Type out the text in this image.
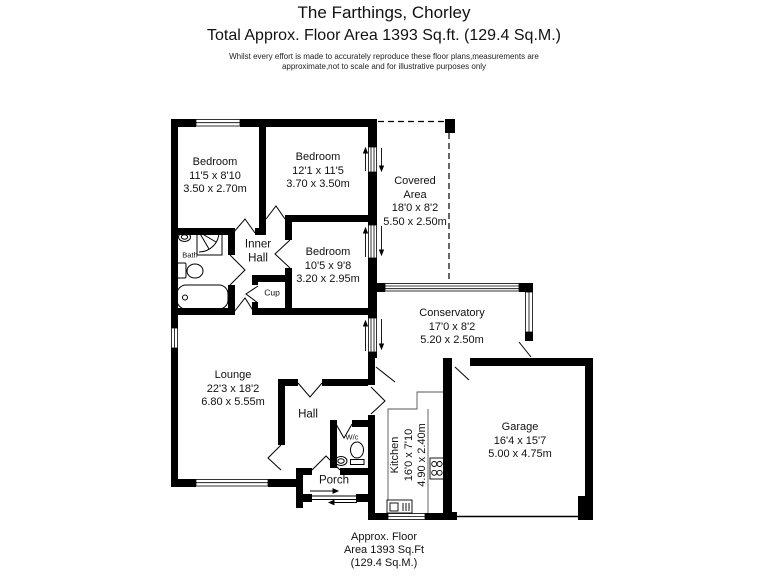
The Farthings, Chorley
Total Approx. Floor Area 1393 Sq.ft. (129.4 Sq.M.)
Whilst every effort is made to accurately reproduce these floor plans,measurements are
approximate,not to scale and for illustrative purposes only
Bedroom
11'5 x 8'10
3.50 x 2.70m
Bedroom
12'1 x 11'5
3.70 x 3.50m
Bedroom
10'5 x 9'8
3.20 x 2.95m
Covered
Area
18'0 x 8'2
5.50 x 2.50m
Conservatory
17'0 x 8'2
5.20 x 2.50m
Lounge
22'3 x 18'2
6.80 x 5.55m
Garage
16'4 x 15'7
5.00 x 4.75m
Kitchen 16'0 x 7'10 4.90 x 2.40m
Inner
Hall
Hall
Porch
W/c
Bath
Cup
Approx. Floor
Area 1393 Sq.Ft
(129.4 Sq.M.)
